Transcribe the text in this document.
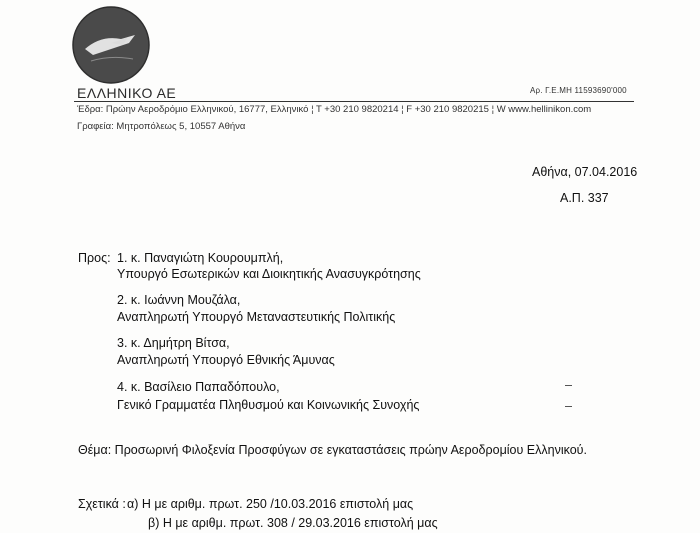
ΕΛΛΗΝΙΚΟ ΑΕ	Αρ. Γ.Ε.ΜΗ 11593690'000
Έδρα: Πρώην Αεροδρόμιο Ελληνικού, 16777, Ελληνικό ¦ Τ +30 210 9820214 ¦ F +30 210 9820215 ¦ W www.hellinikon.com
Γραφεία: Μητροπόλεως 5, 10557 Αθήνα
Αθήνα, 07.04.2016
Α.Π. 337
Προς: 1. κ. Παναγιώτη Κουρουμπλή,
Υπουργό Εσωτερικών και Διοικητικής Ανασυγκρότησης
2. κ. Ιωάννη Μουζάλα,
Αναπληρωτή Υπουργό Μεταναστευτικής Πολιτικής
3. κ. Δημήτρη Βίτσα,
Αναπληρωτή Υπουργό Εθνικής Άμυνας
4. κ. Βασίλειο Παπαδόπουλο,
Γενικό Γραμματέα Πληθυσμού και Κοινωνικής Συνοχής
Θέμα: Προσωρινή Φιλοξενία Προσφύγων σε εγκαταστάσεις πρώην Αεροδρομίου Ελληνικού.
Σχετικά : α) Η με αριθμ. πρωτ. 250 /10.03.2016 επιστολή μας
β) Η με αριθμ. πρωτ. 308 / 29.03.2016 επιστολή μας
